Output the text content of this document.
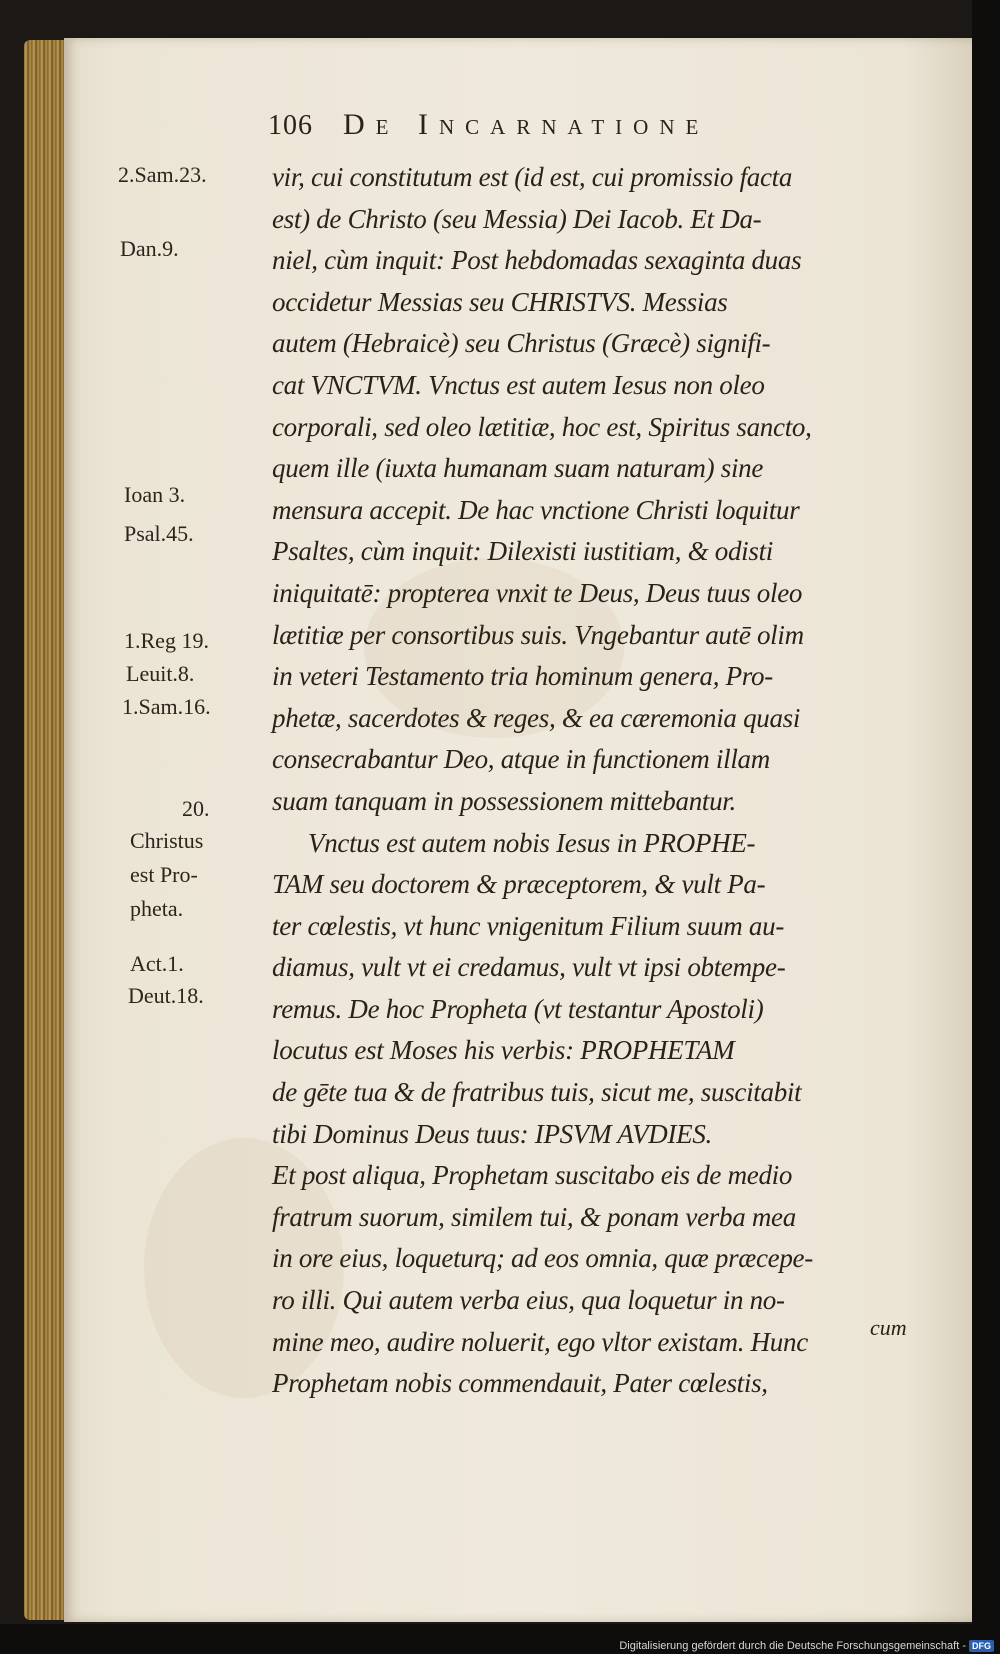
Digitalisierung gefördert durch die Deutsche Forschungsgemeinschaft - DFG
106 De Incarnatione
2.Sam.23.
Dan.9.
Ioan 3.
Psal.45.
1.Reg 19.
Leuit.8.
1.Sam.16.
20.
Christus
est Pro-
pheta.
Act.1.
Deut.18.
vir, cui constitutum est (id est, cui promissio facta
est) de Christo (seu Messia) Dei Iacob. Et Da-
niel, cùm inquit: Post hebdomadas sexaginta duas
occidetur Messias seu CHRISTVS. Messias
autem (Hebraicè) seu Christus (Græcè) signifi-
cat VNCTVM. Vnctus est autem Iesus non oleo
corporali, sed oleo lætitiæ, hoc est, Spiritus sancto,
quem ille (iuxta humanam suam naturam) sine
mensura accepit. De hac vnctione Christi loquitur
Psaltes, cùm inquit: Dilexisti iustitiam, & odisti
iniquitatē: propterea vnxit te Deus, Deus tuus oleo
lætitiæ per consortibus suis. Vngebantur autē olim
in veteri Testamento tria hominum genera, Pro-
phetæ, sacerdotes & reges, & ea cæremonia quasi
consecrabantur Deo, atque in functionem illam
suam tanquam in possessionem mittebantur.
Vnctus est autem nobis Iesus in PROPHE-
TAM seu doctorem & præceptorem, & vult Pa-
ter cœlestis, vt hunc vnigenitum Filium suum au-
diamus, vult vt ei credamus, vult vt ipsi obtempe-
remus. De hoc Propheta (vt testantur Apostoli)
locutus est Moses his verbis: PROPHETAM
de gēte tua & de fratribus tuis, sicut me, suscitabit
tibi Dominus Deus tuus: IPSVM AVDIES.
Et post aliqua, Prophetam suscitabo eis de medio
fratrum suorum, similem tui, & ponam verba mea
in ore eius, loqueturq; ad eos omnia, quæ præcepe-
ro illi. Qui autem verba eius, qua loquetur in no-
mine meo, audire noluerit, ego vltor existam. Hunc
Prophetam nobis commendauit, Pater cœlestis,
cum
